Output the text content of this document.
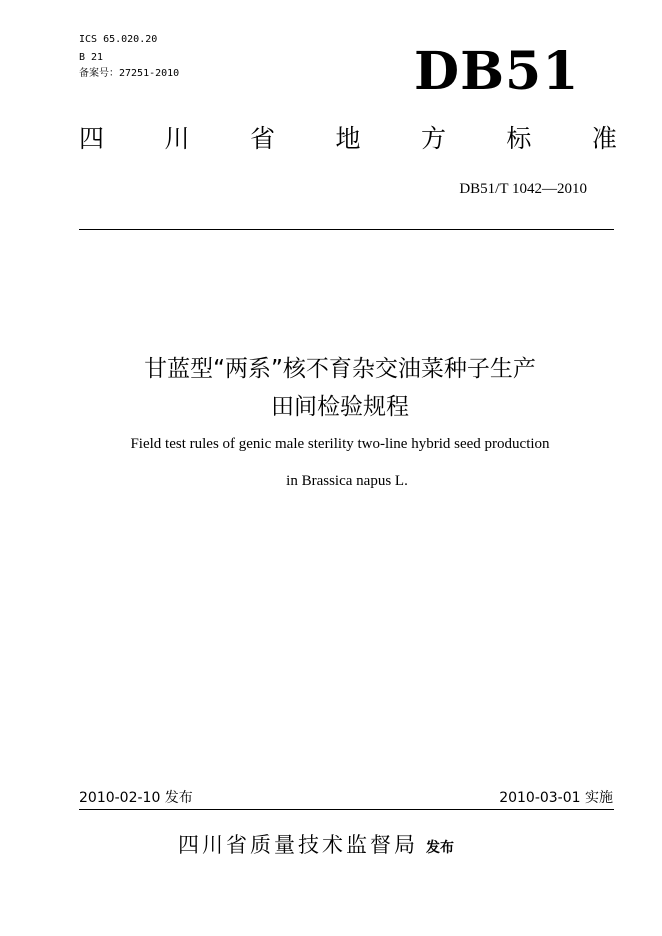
ICS 65.020.20
B 21
备案号：27251-2010	DB51
四 川 省 地 方 标 准
DB51/T 1042—2010
甘蓝型“两系”核不育杂交油菜种子生产
田间检验规程
Field test rules of genic male sterility two-line hybrid seed production
in Brassica napus L.
2010-02-10 发布	2010-03-01 实施
四川省质量技术监督局 发布
